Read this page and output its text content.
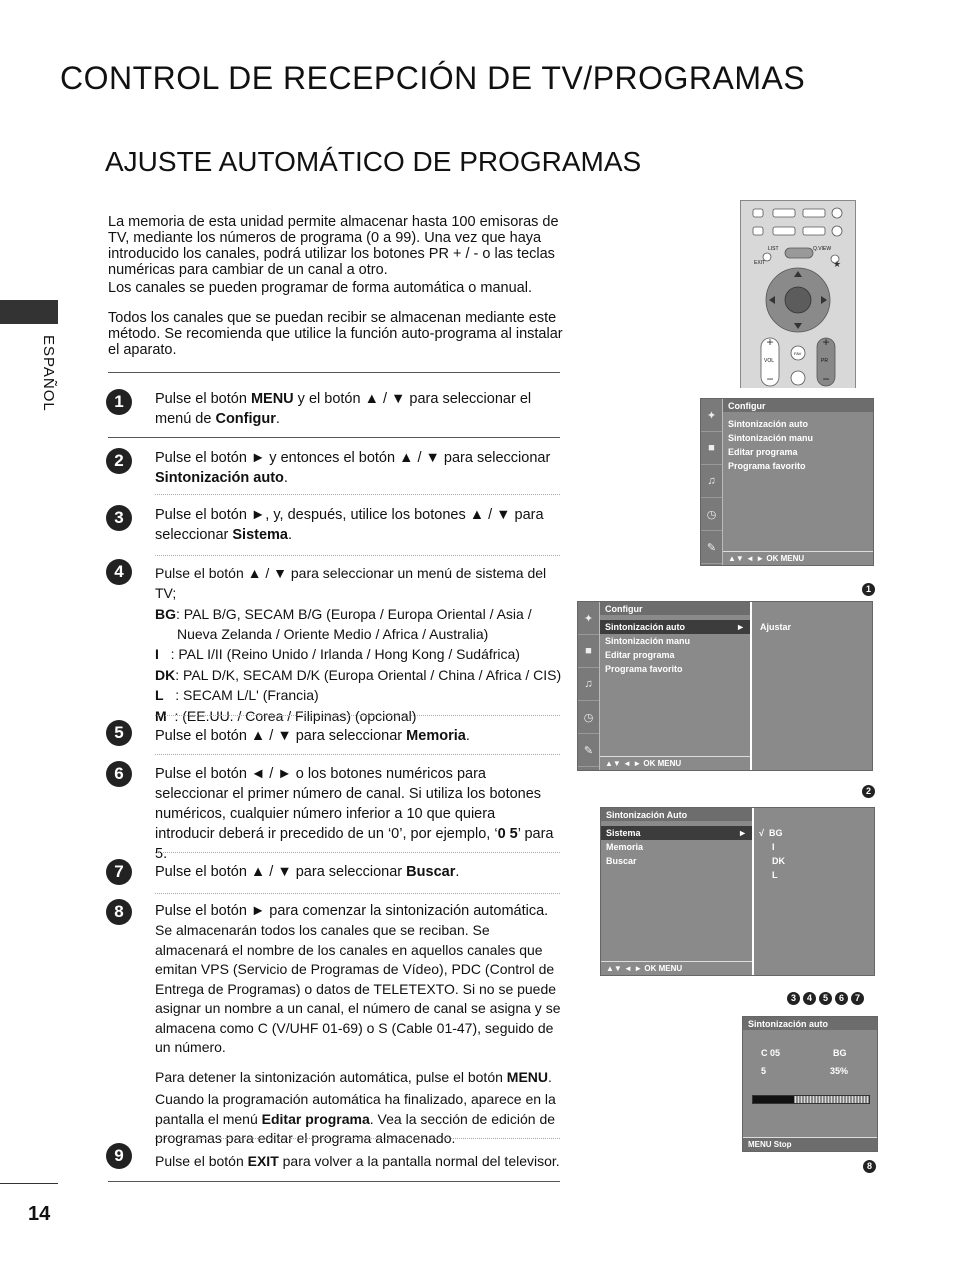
CONTROL DE RECEPCIÓN DE TV/PROGRAMAS
AJUSTE AUTOMÁTICO DE PROGRAMAS
ESPAÑOL

La memoria de esta unidad permite almacenar hasta 100 emisoras de TV, mediante los números de programa (0 a 99). Una vez que haya introducido los canales, podrá utilizar los botones PR + / - o las teclas numéricas para cambiar de un canal a otro.

Los canales se pueden programar de forma automática o manual.

Todos los canales que se puedan recibir se almacenan mediante este método. Se recomienda que utilice la función auto-programa al instalar el aparato.

1	Pulse el botón MENU y el botón ▲ / ▼ para seleccionar el menú de Configur.
2	Pulse el botón ► y entonces el botón ▲ / ▼ para seleccionar Sintonización auto.
3	Pulse el botón ►, y, después, utilice los botones ▲ / ▼ para seleccionar Sistema.
4	Pulse el botón ▲ / ▼ para seleccionar un menú de sistema del TV;
BG: PAL B/G, SECAM B/G (Europa / Europa Oriental / Asia / Nueva Zelanda / Oriente Medio / Africa / Australia)
I : PAL I/II (Reino Unido / Irlanda / Hong Kong / Sudáfrica)
DK: PAL D/K, SECAM D/K (Europa Oriental / China / Africa / CIS)
L : SECAM L/L' (Francia)
M : (EE.UU. / Corea / Filipinas) (opcional)
5	Pulse el botón ▲ / ▼ para seleccionar Memoria.
6	Pulse el botón ◄ / ► o los botones numéricos para seleccionar el primer número de canal. Si utiliza los botones numéricos, cualquier número inferior a 10 que quiera introducir deberá ir precedido de un ‘0’, por ejemplo, ‘0 5’ para 5.
7	Pulse el botón ▲ / ▼ para seleccionar Buscar.
8	Pulse el botón ► para comenzar la sintonización automática.
Se almacenarán todos los canales que se reciban. Se almacenará el nombre de los canales en aquellos canales que emitan VPS (Servicio de Programas de Vídeo), PDC (Control de Entrega de Programas) o datos de TELETEXTO. Si no se puede asignar un nombre a un canal, el número de canal se asigna y se almacena como C (V/UHF 01-69) o S (Cable 01-47), seguido de un número.
Para detener la sintonización automática, pulse el botón MENU.
Cuando la programación automática ha finalizado, aparece en la pantalla el menú Editar programa. Vea la sección de edición de programas para editar el programa almacenado.
9	Pulse el botón EXIT para volver a la pantalla normal del televisor.
14
+
−
+
−
★
LIST	Q.VIEW
EXIT
VOL	PR
FAV
✦
■
♫
◷
✎
Configur
Sintonización auto
Sintonización manu
Editar programa
Programa favorito
▲▼ ◄ ► OK MENU
1
✦
■
♫
◷
✎
Configur
Sintonización auto	►
Sintonización manu
Editar programa
Programa favorito
▲▼ ◄ ► OK MENU
Ajustar
2
Sintonización Auto
Sistema	►
Memoria
Buscar
▲▼ ◄ ► OK MENU
√ BG
I
DK
L
3 4 5 6 7
Sintonización auto
C 05	BG
5	35%
MENU Stop
8
